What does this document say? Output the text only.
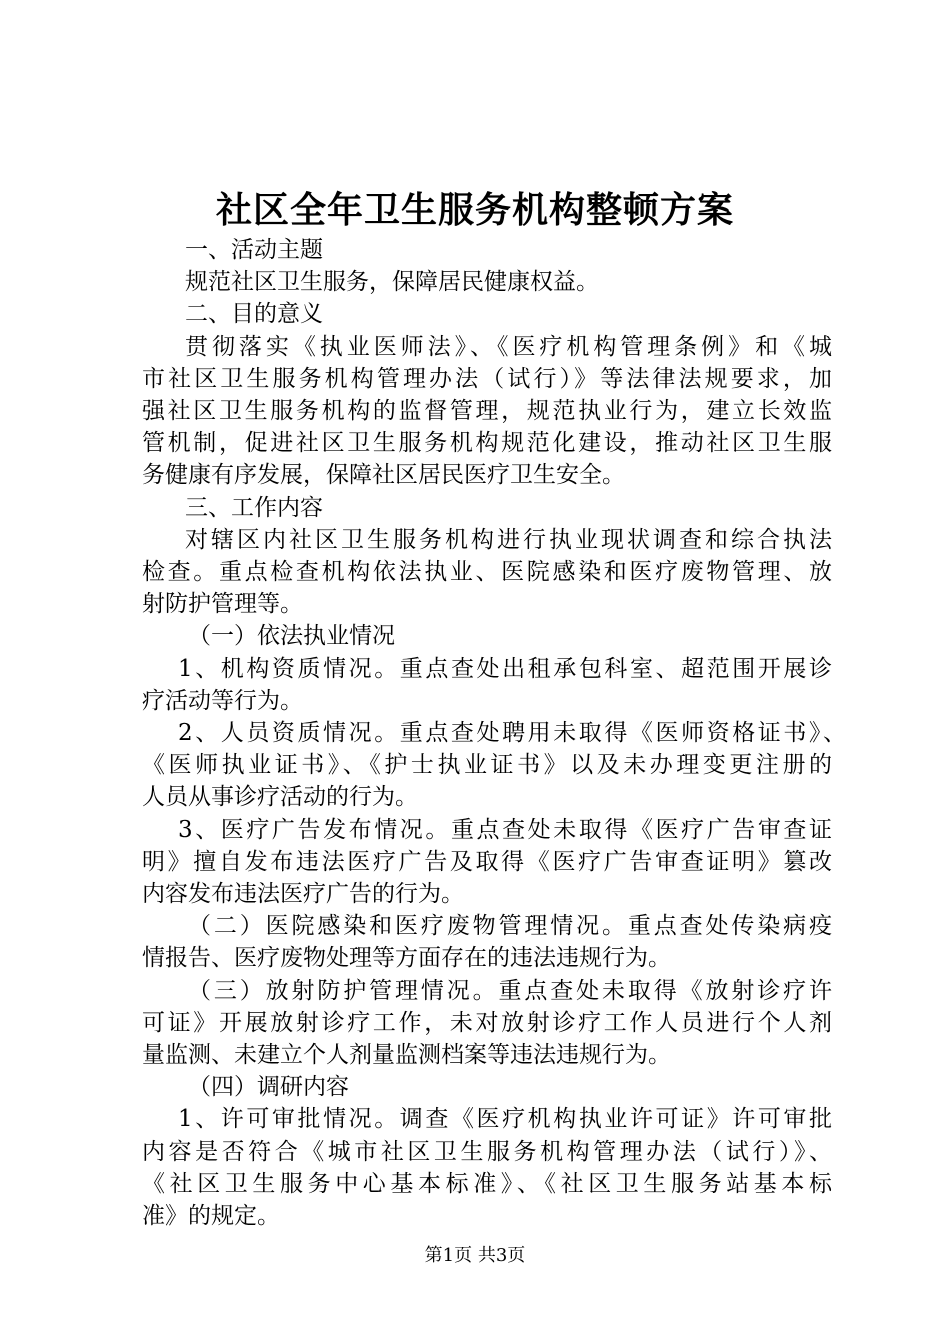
社区全年卫生服务机构整顿方案
一、活动主题
规范社区卫生服务，保障居民健康权益。
二、目的意义
贯彻落实《执业医师法》、《医疗机构管理条例》和《城
市社区卫生服务机构管理办法（试行）》等法律法规要求，加
强社区卫生服务机构的监督管理，规范执业行为，建立长效监
管机制，促进社区卫生服务机构规范化建设，推动社区卫生服
务健康有序发展，保障社区居民医疗卫生安全。
三、工作内容
对辖区内社区卫生服务机构进行执业现状调查和综合执法
检查。重点检查机构依法执业、医院感染和医疗废物管理、放
射防护管理等。
（一）依法执业情况
1、机构资质情况。重点查处出租承包科室、超范围开展诊
疗活动等行为。
2、人员资质情况。重点查处聘用未取得《医师资格证书》、
《医师执业证书》、《护士执业证书》以及未办理变更注册的
人员从事诊疗活动的行为。
3、医疗广告发布情况。重点查处未取得《医疗广告审查证
明》擅自发布违法医疗广告及取得《医疗广告审查证明》篡改
内容发布违法医疗广告的行为。
（二）医院感染和医疗废物管理情况。重点查处传染病疫
情报告、医疗废物处理等方面存在的违法违规行为。
（三）放射防护管理情况。重点查处未取得《放射诊疗许
可证》开展放射诊疗工作，未对放射诊疗工作人员进行个人剂
量监测、未建立个人剂量监测档案等违法违规行为。
（四）调研内容
1、许可审批情况。调查《医疗机构执业许可证》许可审批
内容是否符合《城市社区卫生服务机构管理办法（试行）》、
《社区卫生服务中心基本标准》、《社区卫生服务站基本标
第1页 共3页
准》的规定。
